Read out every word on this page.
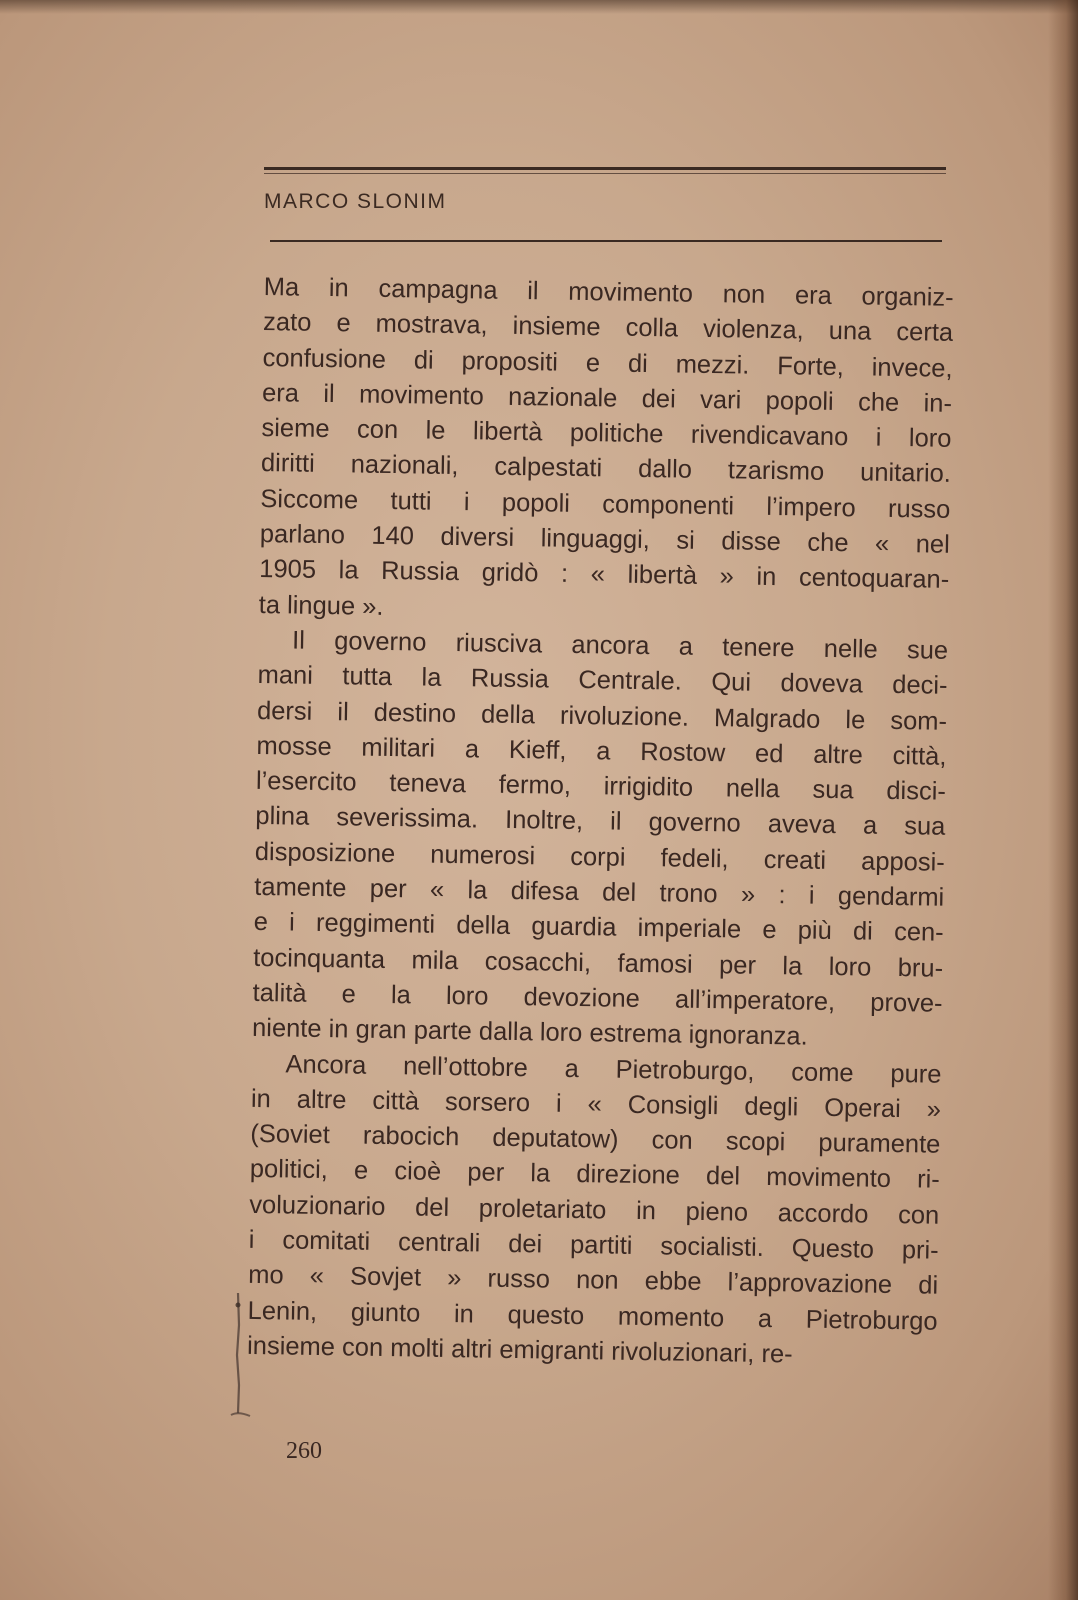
MARCO SLONIM
Ma in campagna il movimento non era organiz-
zato e mostrava, insieme colla violenza, una certa
confusione di propositi e di mezzi. Forte, invece,
era il movimento nazionale dei vari popoli che in-
sieme con le libertà politiche rivendicavano i loro
diritti nazionali, calpestati dallo tzarismo unitario.
Siccome tutti i popoli componenti l’impero russo
parlano 140 diversi linguaggi, si disse che « nel
1905 la Russia gridò : « libertà » in centoquaran-
ta lingue ».
Il governo riusciva ancora a tenere nelle sue
mani tutta la Russia Centrale. Qui doveva deci-
dersi il destino della rivoluzione. Malgrado le som-
mosse militari a Kieff, a Rostow ed altre città,
l’esercito teneva fermo, irrigidito nella sua disci-
plina severissima. Inoltre, il governo aveva a sua
disposizione numerosi corpi fedeli, creati apposi-
tamente per « la difesa del trono » : i gendarmi
e i reggimenti della guardia imperiale e più di cen-
tocinquanta mila cosacchi, famosi per la loro bru-
talità e la loro devozione all’imperatore, prove-
niente in gran parte dalla loro estrema ignoranza.
Ancora nell’ottobre a Pietroburgo, come pure
in altre città sorsero i « Consigli degli Operai »
(Soviet rabocich deputatow) con scopi puramente
politici, e cioè per la direzione del movimento ri-
voluzionario del proletariato in pieno accordo con
i comitati centrali dei partiti socialisti. Questo pri-
mo « Sovjet » russo non ebbe l’approvazione di
Lenin, giunto in questo momento a Pietroburgo
insieme con molti altri emigranti rivoluzionari, re-
260
